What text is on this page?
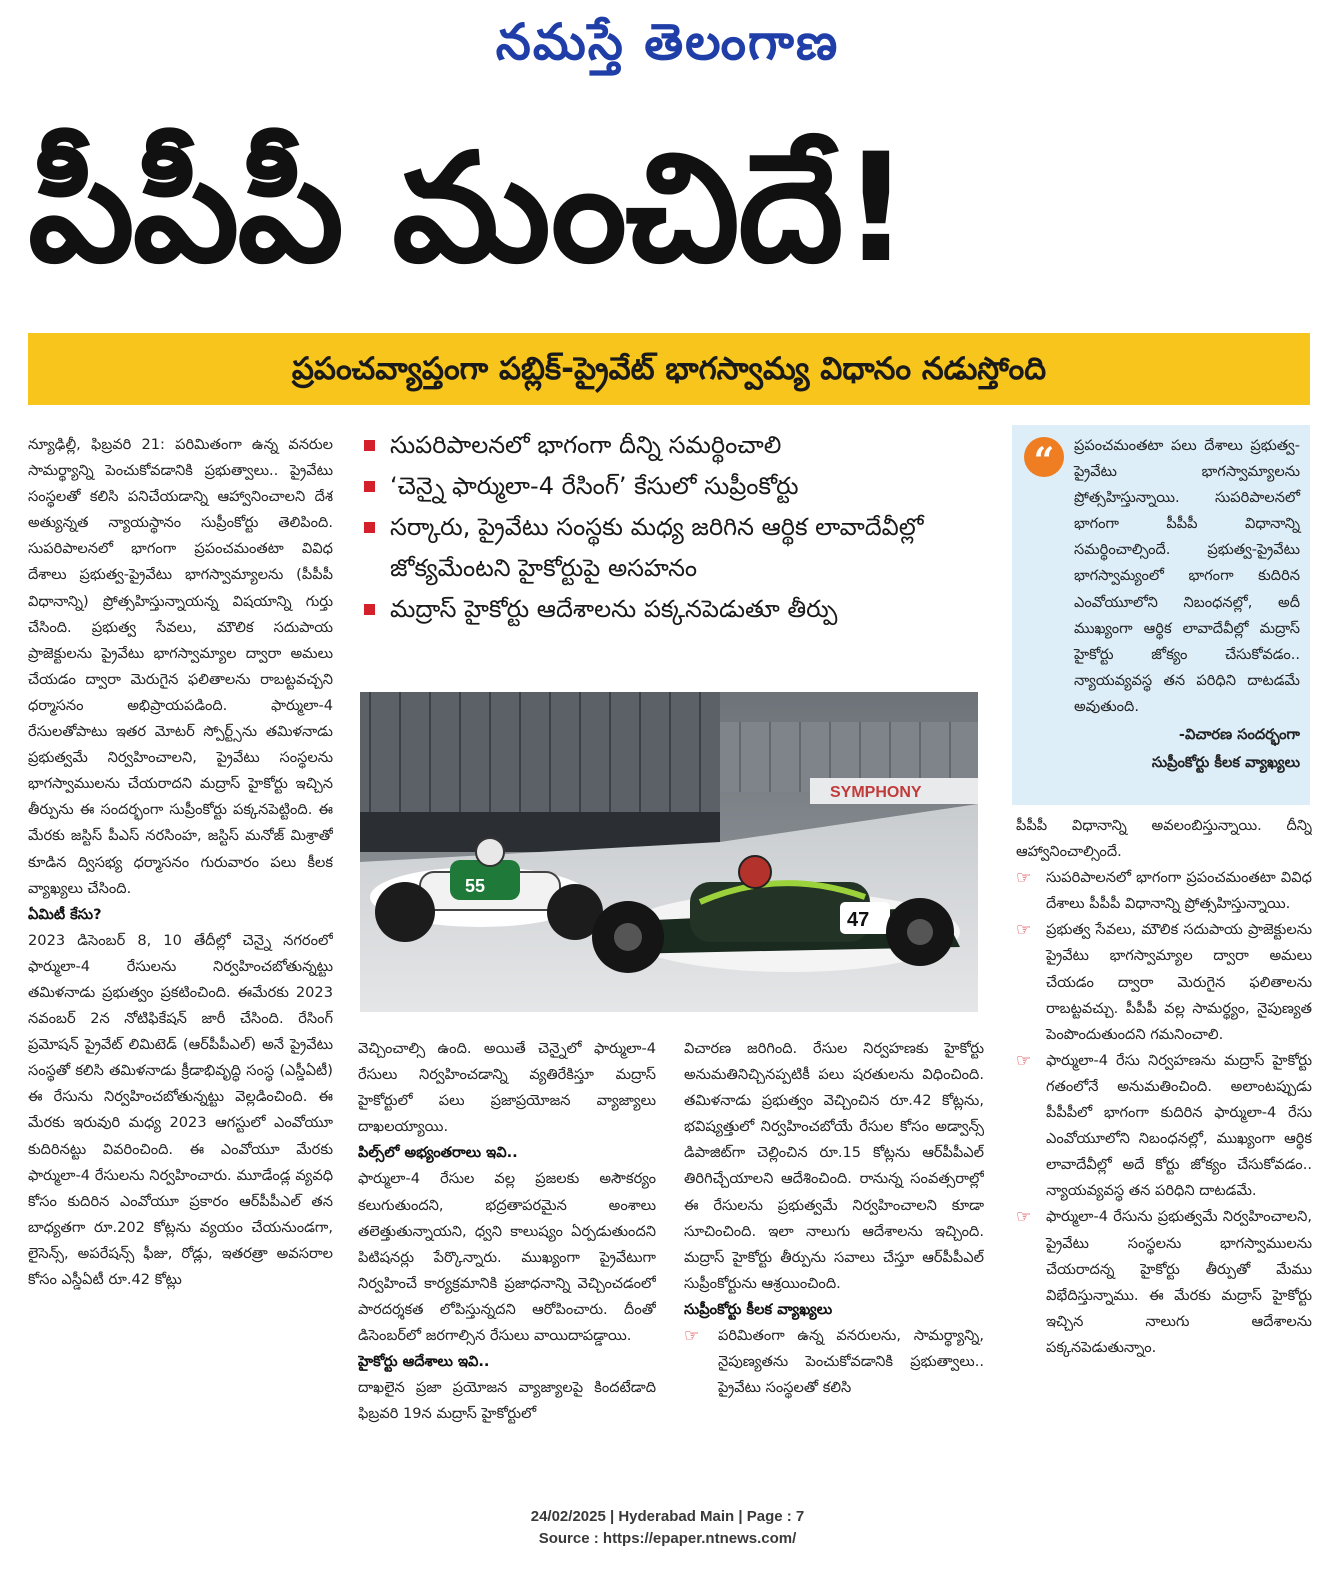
నమస్తే తెలంగాణ
పీపీపీ మంచిదే!
ప్రపంచవ్యాప్తంగా పబ్లిక్‌-ప్రైవేట్‌ భాగస్వామ్య విధానం నడుస్తోంది

న్యూఢిల్లీ, ఫిబ్రవరి 21: పరిమితంగా ఉన్న వనరుల సామర్థ్యాన్ని పెంచుకోవడానికి ప్రభుత్వాలు.. ప్రైవేటు సంస్థలతో కలిసి పనిచేయడాన్ని ఆహ్వానించాలని దేశ అత్యున్నత న్యాయస్థానం సుప్రీంకోర్టు తెలిపింది. సుపరిపాలనలో భాగంగా ప్రపంచమంతటా వివిధ దేశాలు ప్రభుత్వ-ప్రైవేటు భాగస్వామ్యాలను (పీపీపీ విధానాన్ని) ప్రోత్సహిస్తున్నాయన్న విషయాన్ని గుర్తు చేసింది. ప్రభుత్వ సేవలు, మౌలిక సదుపాయ ప్రాజెక్టులను ప్రైవేటు భాగస్వామ్యాల ద్వారా అమలు చేయడం ద్వారా మెరుగైన ఫలితాలను రాబట్టవచ్చని ధర్మాసనం అభిప్రాయపడింది. ఫార్ములా-4 రేసులతోపాటు ఇతర మోటర్‌ స్పోర్ట్స్‌ను తమిళనాడు ప్రభుత్వమే నిర్వహించాలని, ప్రైవేటు సంస్థలను భాగస్వాములను చేయరాదని మద్రాస్‌ హైకోర్టు ఇచ్చిన తీర్పును ఈ సందర్భంగా సుప్రీంకోర్టు పక్కనపెట్టింది. ఈ మేరకు జస్టిస్‌ పీఎస్‌ నరసింహ, జస్టిస్‌ మనోజ్‌ మిశ్రాతో కూడిన ద్విసభ్య ధర్మాసనం గురువారం పలు కీలక వ్యాఖ్యలు చేసింది.

ఏమిటీ కేసు?

2023 డిసెంబర్‌ 8, 10 తేదీల్లో చెన్నై నగరంలో ఫార్ములా-4 రేసులను నిర్వహించబోతున్నట్టు తమిళనాడు ప్రభుత్వం ప్రకటించింది. ఈమేరకు 2023 నవంబర్‌ 2న నోటిఫికేషన్‌ జారీ చేసింది. రేసింగ్‌ ప్రమోషన్‌ ప్రైవేట్‌ లిమిటెడ్‌ (ఆర్‌పీపీఎల్‌) అనే ప్రైవేటు సంస్థతో కలిసి తమిళనాడు క్రీడాభివృద్ధి సంస్థ (ఎస్డీఏటీ) ఈ రేసును నిర్వహించబోతున్నట్టు వెల్లడించింది. ఈ మేరకు ఇరువురి మధ్య 2023 ఆగస్టులో ఎంవోయూ కుదిరినట్టు వివరించింది. ఈ ఎంవోయూ మేరకు ఫార్ములా-4 రేసులను నిర్వహించారు. మూడేండ్ల వ్యవధి కోసం కుదిరిన ఎంవోయూ ప్రకారం ఆర్‌పీపీఎల్‌ తన బాధ్యతగా రూ.202 కోట్లను వ్యయం చేయనుండగా, లైసెన్స్‌, అపరేషన్స్‌ ఫీజు, రోడ్లు, ఇతరత్రా అవసరాల కోసం ఎస్డీఏటీ రూ.42 కోట్లు

సుపరిపాలనలో భాగంగా దీన్ని సమర్థించాలి
‘చెన్నై ఫార్ములా-4 రేసింగ్‌’ కేసులో సుప్రీంకోర్టు
సర్కారు, ప్రైవేటు సంస్థకు మధ్య జరిగిన ఆర్థిక లావాదేవీల్లో జోక్యమేంటని హైకోర్టుపై అసహనం
మద్రాస్‌ హైకోర్టు ఆదేశాలను పక్కనపెడుతూ తీర్పు
SYMPHONY
55
47

వెచ్చించాల్సి ఉంది. అయితే చెన్నైలో ఫార్ములా-4 రేసులు నిర్వహించడాన్ని వ్యతిరేకిస్తూ మద్రాస్‌ హైకోర్టులో పలు ప్రజాప్రయోజన వ్యాజ్యాలు దాఖలయ్యాయి.

పిల్స్‌లో అభ్యంతరాలు ఇవి..

ఫార్ములా-4 రేసుల వల్ల ప్రజలకు అసౌకర్యం కలుగుతుందని, భద్రతాపరమైన అంశాలు తలెత్తుతున్నాయని, ధ్వని కాలుష్యం ఏర్పడుతుందని పిటిషనర్లు పేర్కొన్నారు. ముఖ్యంగా ప్రైవేటుగా నిర్వహించే కార్యక్రమానికి ప్రజాధనాన్ని వెచ్చించడంలో పారదర్శకత లోపిస్తున్నదని ఆరోపించారు. దీంతో డిసెంబర్‌లో జరగాల్సిన రేసులు వాయిదాపడ్డాయి.

హైకోర్టు ఆదేశాలు ఇవి..

దాఖలైన ప్రజా ప్రయోజన వ్యాజ్యాలపై కిందటేడాది ఫిబ్రవరి 19న మద్రాస్‌ హైకోర్టులో

విచారణ జరిగింది. రేసుల నిర్వహణకు హైకోర్టు అనుమతినిచ్చినప్పటికీ పలు షరతులను విధించింది. తమిళనాడు ప్రభుత్వం వెచ్చించిన రూ.42 కోట్లను, భవిష్యత్తులో నిర్వహించబోయే రేసుల కోసం అడ్వాన్స్‌ డిపాజిట్‌గా చెల్లించిన రూ.15 కోట్లను ఆర్‌పీపీఎల్‌ తిరిగిచ్చేయాలని ఆదేశించింది. రానున్న సంవత్సరాల్లో ఈ రేసులను ప్రభుత్వమే నిర్వహించాలని కూడా సూచించింది. ఇలా నాలుగు ఆదేశాలను ఇచ్చింది. మద్రాస్‌ హైకోర్టు తీర్పును సవాలు చేస్తూ ఆర్‌పీపీఎల్‌ సుప్రీంకోర్టును ఆశ్రయించింది.

సుప్రీంకోర్టు కీలక వ్యాఖ్యలు

☞ పరిమితంగా ఉన్న వనరులను, సామర్థ్యాన్ని, నైపుణ్యతను పెంచుకోవడానికి ప్రభుత్వాలు.. ప్రైవేటు సంస్థలతో కలిసి

“	ప్రపంచమంతటా పలు దేశాలు ప్రభుత్వ-ప్రైవేటు భాగస్వామ్యాలను ప్రోత్సహిస్తున్నాయి. సుపరిపాలనలో భాగంగా పీపీపీ విధానాన్ని సమర్థించాల్సిందే. ప్రభుత్వ-ప్రైవేటు భాగస్వామ్యంలో భాగంగా కుదిరిన ఎంవోయూలోని నిబంధనల్లో, అదీ ముఖ్యంగా ఆర్థిక లావాదేవీల్లో మద్రాస్‌ హైకోర్టు జోక్యం చేసుకోవడం.. న్యాయవ్యవస్థ తన పరిధిని దాటడమే అవుతుంది.
-విచారణ సందర్భంగా
సుప్రీంకోర్టు కీలక వ్యాఖ్యలు

పీపీపీ విధానాన్ని అవలంబిస్తున్నాయి. దీన్ని ఆహ్వానించాల్సిందే.

☞ సుపరిపాలనలో భాగంగా ప్రపంచమంతటా వివిధ దేశాలు పీపీపీ విధానాన్ని ప్రోత్సహిస్తున్నాయి.

☞ ప్రభుత్వ సేవలు, మౌలిక సదుపాయ ప్రాజెక్టులను ప్రైవేటు భాగస్వామ్యాల ద్వారా అమలు చేయడం ద్వారా మెరుగైన ఫలితాలను రాబట్టవచ్చు. పీపీపీ వల్ల సామర్థ్యం, నైపుణ్యత పెంపొందుతుందని గమనించాలి.

☞ ఫార్ములా-4 రేసు నిర్వహణను మద్రాస్‌ హైకోర్టు గతంలోనే అనుమతించింది. అలాంటప్పుడు పీపీపీలో భాగంగా కుదిరిన ఫార్ములా-4 రేసు ఎంవోయూలోని నిబంధనల్లో, ముఖ్యంగా ఆర్థిక లావాదేవీల్లో అదే కోర్టు జోక్యం చేసుకోవడం.. న్యాయవ్యవస్థ తన పరిధిని దాటడమే.

☞ ఫార్ములా-4 రేసును ప్రభుత్వమే నిర్వహించాలని, ప్రైవేటు సంస్థలను భాగస్వాములను చేయరాదన్న హైకోర్టు తీర్పుతో మేము విభేదిస్తున్నాము. ఈ మేరకు మద్రాస్‌ హైకోర్టు ఇచ్చిన నాలుగు ఆదేశాలను పక్కనపెడుతున్నాం.

24/02/2025 | Hyderabad Main | Page : 7
Source : https://epaper.ntnews.com/
